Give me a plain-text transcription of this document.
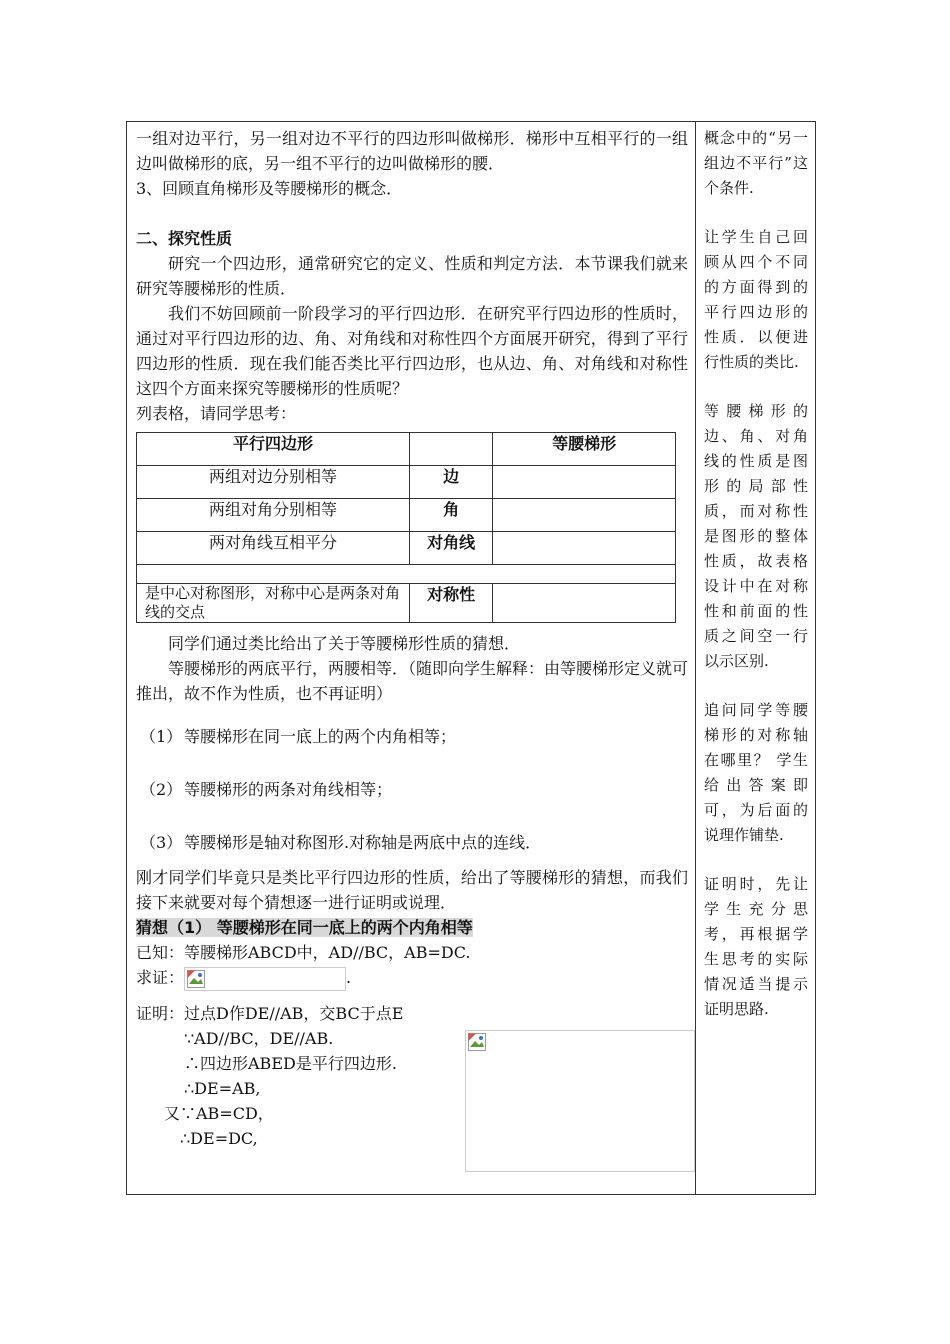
一组对边平行，另一组对边不平行的四边形叫做梯形．梯形中互相平行的一组边叫做梯形的底，另一组不平行的边叫做梯形的腰．

3、回顾直角梯形及等腰梯形的概念．

二、探究性质

研究一个四边形，通常研究它的定义、性质和判定方法．本节课我们就来研究等腰梯形的性质．

我们不妨回顾前一阶段学习的平行四边形．在研究平行四边形的性质时，通过对平行四边形的边、角、对角线和对称性四个方面展开研究，得到了平行四边形的性质．现在我们能否类比平行四边形，也从边、角、对角线和对称性这四个方面来探究等腰梯形的性质呢？

列表格，请同学思考：

平行四边形		等腰梯形
两组对边分别相等	边	
两组对角分别相等	角	
两对角线互相平分	对角线	

是中心对称图形，对称中心是两条对角线的交点	对称性	

同学们通过类比给出了关于等腰梯形性质的猜想．

等腰梯形的两底平行，两腰相等．（随即向学生解释：由等腰梯形定义就可推出，故不作为性质，也不再证明）

（1） 等腰梯形在同一底上的两个内角相等；

（2） 等腰梯形的两条对角线相等；

（3） 等腰梯形是轴对称图形.对称轴是两底中点的连线．

刚才同学们毕竟只是类比平行四边形的性质，给出了等腰梯形的猜想，而我们接下来就要对每个猜想逐一进行证明或说理．

猜想（1） 等腰梯形在同一底上的两个内角相等

已知：等腰梯形ABCD中，AD//BC，AB=DC.

求证：	.

证明：过点D作DE//AB，交BC于点E

∵AD//BC，DE//AB.

∴四边形ABED是平行四边形.

∴DE=AB,

又∵AB=CD，

∴DE=DC,

概念中的“另一组边不平行”这个条件.

让学生自己回顾从四个不同的方面得到的平行四边形的性质．以便进行性质的类比.

等腰梯形的边、角、对角线的性质是图形的局部性质，而对称性是图形的整体性质，故表格设计中在对称性和前面的性质之间空一行以示区别.

追问同学等腰梯形的对称轴在哪里？ 学生给出答案即可，为后面的说理作铺垫.

证明时，先让学生充分思考，再根据学生思考的实际情况适当提示证明思路.
